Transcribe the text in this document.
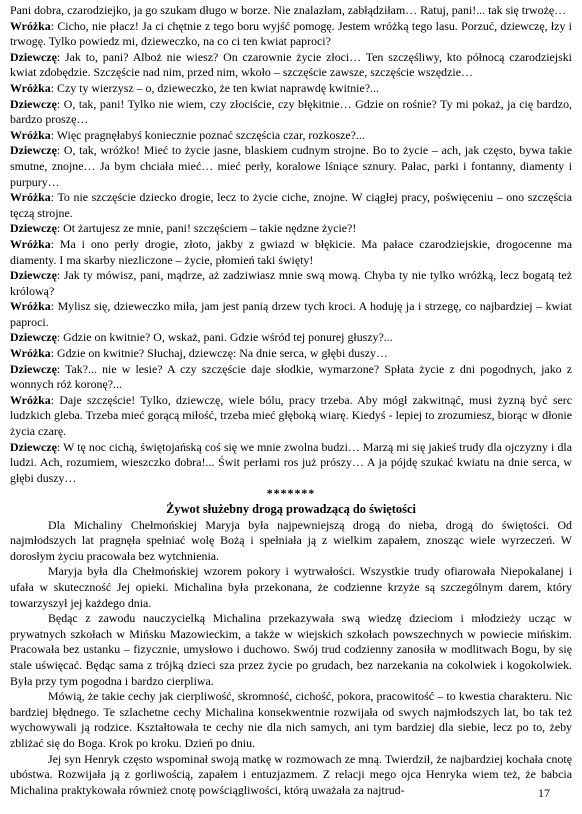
Pani dobra, czarodziejko, ja go szukam długo w borze. Nie znalazłam, zabłądziłam… Ratuj, pani!... tak się trwożę…

Wróżka: Cicho, nie płacz! Ja ci chętnie z tego boru wyjść pomogę. Jestem wróżką tego lasu. Porzuć, dziewczę, łzy i trwogę. Tylko powiedz mi, dzieweczko, na co ci ten kwiat paproci?

Dziewczę: Jak to, pani? Alboż nie wiesz? On czarownie życie złoci… Ten szczęśliwy, kto północą czarodziejski kwiat zdobędzie. Szczęście nad nim, przed nim, wkoło – szczęście zawsze, szczęście wszędzie…

Wróżka: Czy ty wierzysz – o, dzieweczko, że ten kwiat naprawdę kwitnie?...

Dziewczę: O, tak, pani! Tylko nie wiem, czy złociście, czy błękitnie… Gdzie on rośnie? Ty mi pokaż, ja cię bardzo, bardzo proszę…

Wróżka: Więc pragnęłabyś koniecznie poznać szczęścia czar, rozkosze?...

Dziewczę: O, tak, wróżko! Mieć to życie jasne, blaskiem cudnym strojne. Bo to życie – ach, jak często, bywa takie smutne, znojne… Ja bym chciała mieć… mieć perły, koralowe lśniące sznury. Pałac, parki i fontanny, diamenty i purpury…

Wróżka: To nie szczęście dziecko drogie, lecz to życie ciche, znojne. W ciągłej pracy, poświęceniu – ono szczęścia tęczą strojne.

Dziewczę: Ot żartujesz ze mnie, pani! szczęściem – takie nędzne życie?!

Wróżka: Ma i ono perły drogie, złoto, jakby z gwiazd w błękicie. Ma pałace czarodziejskie, drogocenne ma diamenty. I ma skarby niezliczone – życie, płomień taki święty!

Dziewczę: Jak ty mówisz, pani, mądrze, aż zadziwiasz mnie swą mową. Chyba ty nie tylko wróżką, lecz bogatą też królową?

Wróżka: Mylisz się, dzieweczko miła, jam jest panią drzew tych kroci. A hoduję ja i strzegę, co najbardziej – kwiat paproci.

Dziewczę: Gdzie on kwitnie? O, wskaż, pani. Gdzie wśród tej ponurej głuszy?...

Wróżka: Gdzie on kwitnie? Słuchaj, dziewczę: Na dnie serca, w głębi duszy…

Dziewczę: Tak?... nie w lesie? A czy szczęście daje słodkie, wymarzone? Spłata życie z dni pogodnych, jako z wonnych róż koronę?...

Wróżka: Daje szczęście! Tylko, dziewczę, wiele bólu, pracy trzeba. Aby mógł zakwitnąć, musi żyzną być serc ludzkich gleba. Trzeba mieć gorącą miłość, trzeba mieć głęboką wiarę. Kiedyś - lepiej to zrozumiesz, biorąc w dłonie życia czarę.

Dziewczę: W tę noc cichą, świętojańską coś się we mnie zwolna budzi… Marzą mi się jakieś trudy dla ojczyzny i dla ludzi. Ach, rozumiem, wieszczko dobra!... Świt perłami ros już prószy… A ja pójdę szukać kwiatu na dnie serca, w głębi duszy…

*******

Żywot służebny drogą prowadzącą do świętości

Dla Michaliny Chełmońskiej Maryja była najpewniejszą drogą do nieba, drogą do świętości. Od najmłodszych lat pragnęła spełniać wolę Bożą i spełniała ją z wielkim zapałem, znosząc wiele wyrzeczeń. W dorosłym życiu pracowała bez wytchnienia.

Maryja była dla Chełmońskiej wzorem pokory i wytrwałości. Wszystkie trudy ofiarowała Niepokalanej i ufała w skuteczność Jej opieki. Michalina była przekonana, że codzienne krzyże są szczególnym darem, który towarzyszył jej każdego dnia.

Będąc z zawodu nauczycielką Michalina przekazywała swą wiedzę dzieciom i młodzieży ucząc w prywatnych szkołach w Mińsku Mazowieckim, a także w wiejskich szkołach powszechnych w powiecie mińskim. Pracowała bez ustanku – fizycznie, umysłowo i duchowo. Swój trud codzienny zanosiła w modlitwach Bogu, by się stale uświęcać. Będąc sama z trójką dzieci sza przez życie po grudach, bez narzekania na cokolwiek i kogokolwiek. Była przy tym pogodna i bardzo cierpliwa.

Mówią, że takie cechy jak cierpliwość, skromność, cichość, pokora, pracowitość – to kwestia charakteru. Nic bardziej błędnego. Te szlachetne cechy Michalina konsekwentnie rozwijała od swych najmłodszych lat, bo tak też wychowywali ją rodzice. Kształtowała te cechy nie dla nich samych, ani tym bardziej dla siebie, lecz po to, żeby zbliżać się do Boga. Krok po kroku. Dzień po dniu.

Jej syn Henryk często wspominał swoją matkę w rozmowach ze mną. Twierdził, że najbardziej kochała cnotę ubóstwa. Rozwijała ją z gorliwością, zapałem i entuzjazmem. Z relacji mego ojca Henryka wiem też, że babcia Michalina praktykowała również cnotę powściągliwości, którą uważała za najtrud-	17
